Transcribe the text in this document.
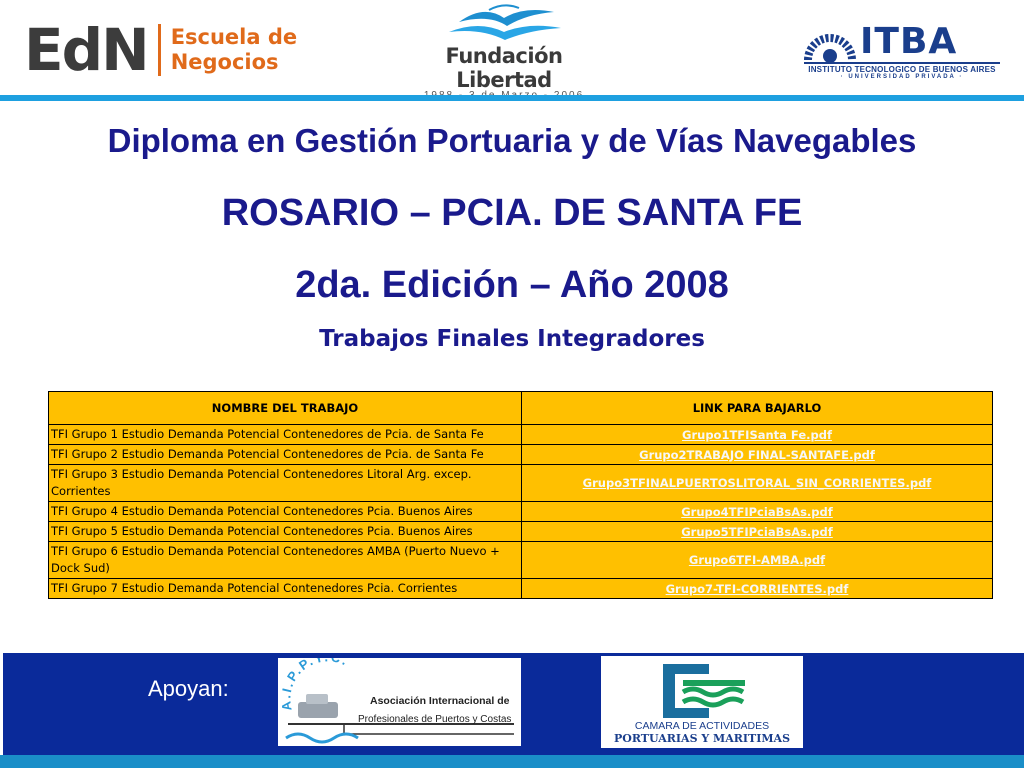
EdN Escuela de
Negocios	Fundación Libertad
ITBA
INSTITUTO TECNOLOGICO DE BUENOS AIRES
· UNIVERSIDAD PRIVADA ·
Diploma en Gestión Portuaria y de Vías Navegables
ROSARIO – PCIA. DE SANTA FE
2da. Edición – Año 2008
Trabajos Finales Integradores
NOMBRE DEL TRABAJO	LINK PARA BAJARLO
TFI Grupo 1 Estudio Demanda Potencial Contenedores de Pcia. de Santa Fe	Grupo1TFISanta Fe.pdf
TFI Grupo 2 Estudio Demanda Potencial Contenedores de Pcia. de Santa Fe	Grupo2TRABAJO FINAL-SANTAFE.pdf
TFI Grupo 3 Estudio Demanda Potencial Contenedores Litoral Arg. excep. Corrientes	Grupo3TFINALPUERTOSLITORAL_SIN_CORRIENTES.pdf
TFI Grupo 4 Estudio Demanda Potencial Contenedores Pcia. Buenos Aires	Grupo4TFIPciaBsAs.pdf
TFI Grupo 5 Estudio Demanda Potencial Contenedores Pcia. Buenos Aires	Grupo5TFIPciaBsAs.pdf
TFI Grupo 6 Estudio Demanda Potencial Contenedores AMBA (Puerto Nuevo + Dock Sud)	Grupo6TFI-AMBA.pdf
TFI Grupo 7 Estudio Demanda Potencial Contenedores Pcia. Corrientes	Grupo7-TFI-CORRIENTES.pdf
Apoyan:
A.I.P.P. .
Asociación Internacional de
Profesionales de Puertos y Costas
CAMARA DE ACTIVIDADES
PORTUARIAS Y MARITIMAS
